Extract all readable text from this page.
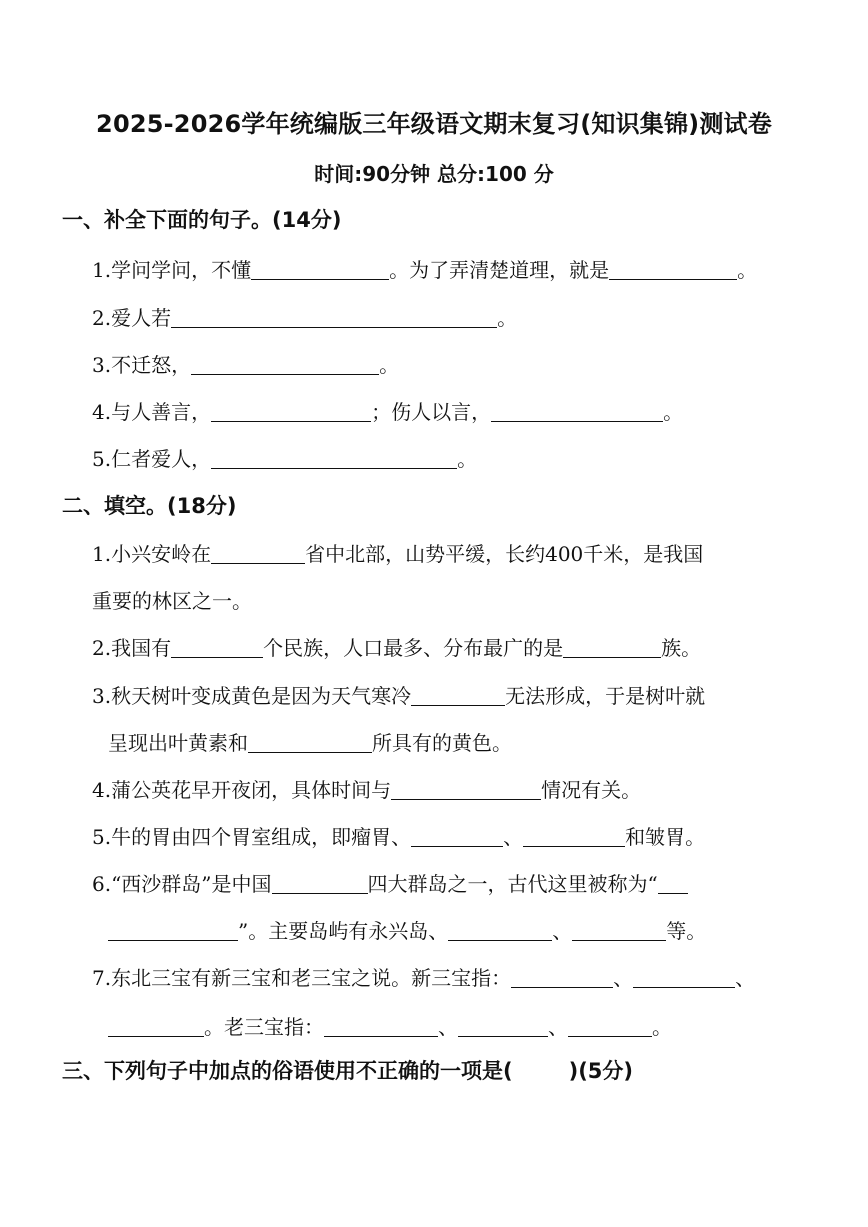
2025-2026学年统编版三年级语文期末复习(知识集锦)测试卷
时间:90分钟 总分:100 分
一、补全下面的句子。(14分)
1.学问学问，不懂	。为了弄清楚道理，就是	。
2.爱人若	。
3.不迁怒，	。
4.与人善言，	；伤人以言，	。
5.仁者爱人，	。
二、填空。(18分)
1.小兴安岭在	省中北部，山势平缓，长约400千米，是我国
重要的林区之一。
2.我国有	个民族，人口最多、分布最广的是	族。
3.秋天树叶变成黄色是因为天气寒冷	无法形成，于是树叶就
呈现出叶黄素和	所具有的黄色。
4.蒲公英花早开夜闭，具体时间与	情况有关。
5.牛的胃由四个胃室组成，即瘤胃、	、	和皱胃。
6.“西沙群岛”是中国	四大群岛之一，古代这里被称为“
”。主要岛屿有永兴岛、	、	等。
7.东北三宝有新三宝和老三宝之说。新三宝指：	、	、
。老三宝指：	、	、	。
三、下列句子中加点的俗语使用不正确的一项是(	)(5分)
